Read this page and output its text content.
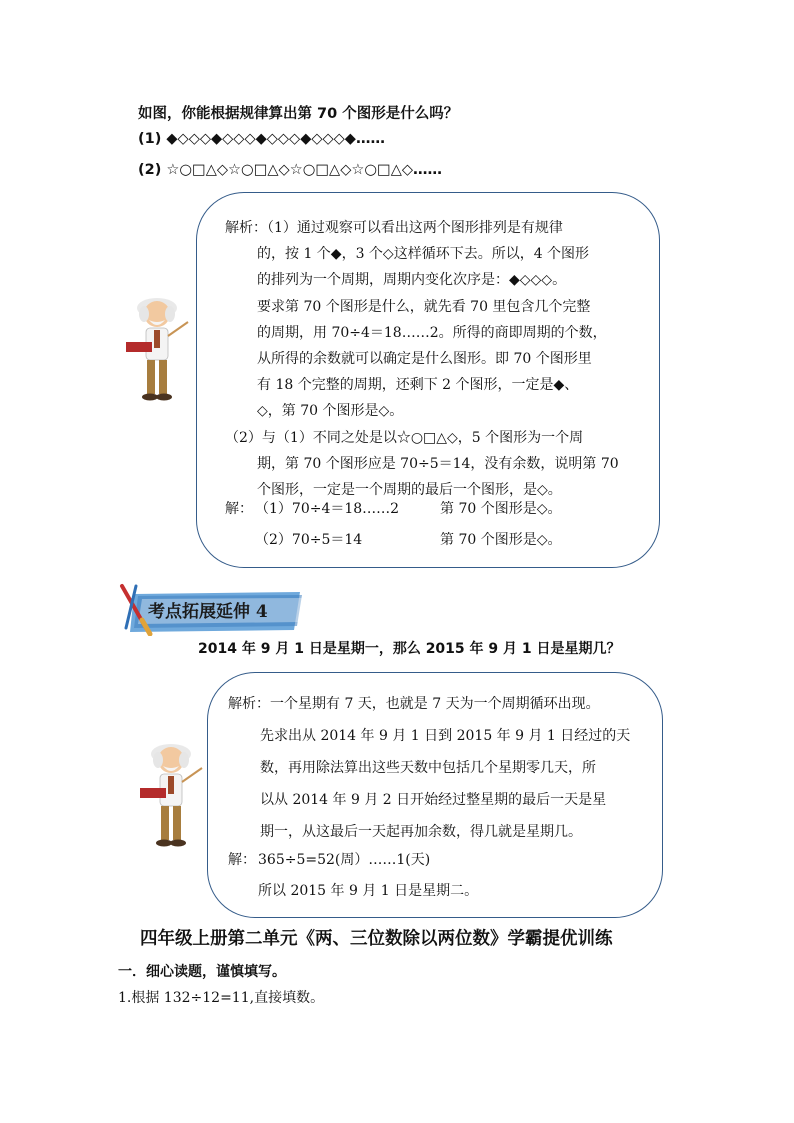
如图，你能根据规律算出第 70 个图形是什么吗？
(1) ◆◇◇◇◆◇◇◇◆◇◇◇◆◇◇◇◆……
(2) ☆○□△◇☆○□△◇☆○□△◇☆○□△◇……

解析：（1）通过观察可以看出这两个图形排列是有规律

的，按 1 个◆，3 个◇这样循环下去。所以，4 个图形

的排列为一个周期，周期内变化次序是：◆◇◇◇。

要求第 70 个图形是什么，就先看 70 里包含几个完整

的周期，用 70÷4＝18……2。所得的商即周期的个数，

从所得的余数就可以确定是什么图形。即 70 个图形里

有 18 个完整的周期，还剩下 2 个图形，一定是◆、

◇，第 70 个图形是◇。

（2）与（1）不同之处是以☆○□△◇，5 个图形为一个周

期，第 70 个图形应是 70÷5＝14，没有余数，说明第 70

个图形，一定是一个周期的最后一个图形，是◇。

解： （1）70÷4＝18……2	第 70 个图形是◇。
（2）70÷5＝14	第 70 个图形是◇。
考点拓展延伸 4
2014 年 9 月 1 日是星期一，那么 2015 年 9 月 1 日是星期几？

解析：一个星期有 7 天，也就是 7 天为一个周期循环出现。

先求出从 2014 年 9 月 1 日到 2015 年 9 月 1 日经过的天

数，再用除法算出这些天数中包括几个星期零几天，所

以从 2014 年 9 月 2 日开始经过整星期的最后一天是星

期一，从这最后一天起再加余数，得几就是星期几。

解： 365÷5=52(周）……1(天)
所以 2015 年 9 月 1 日是星期二。
四年级上册第二单元《两、三位数除以两位数》学霸提优训练
一．细心读题，谨慎填写。
1.根据 132÷12=11,直接填数。
